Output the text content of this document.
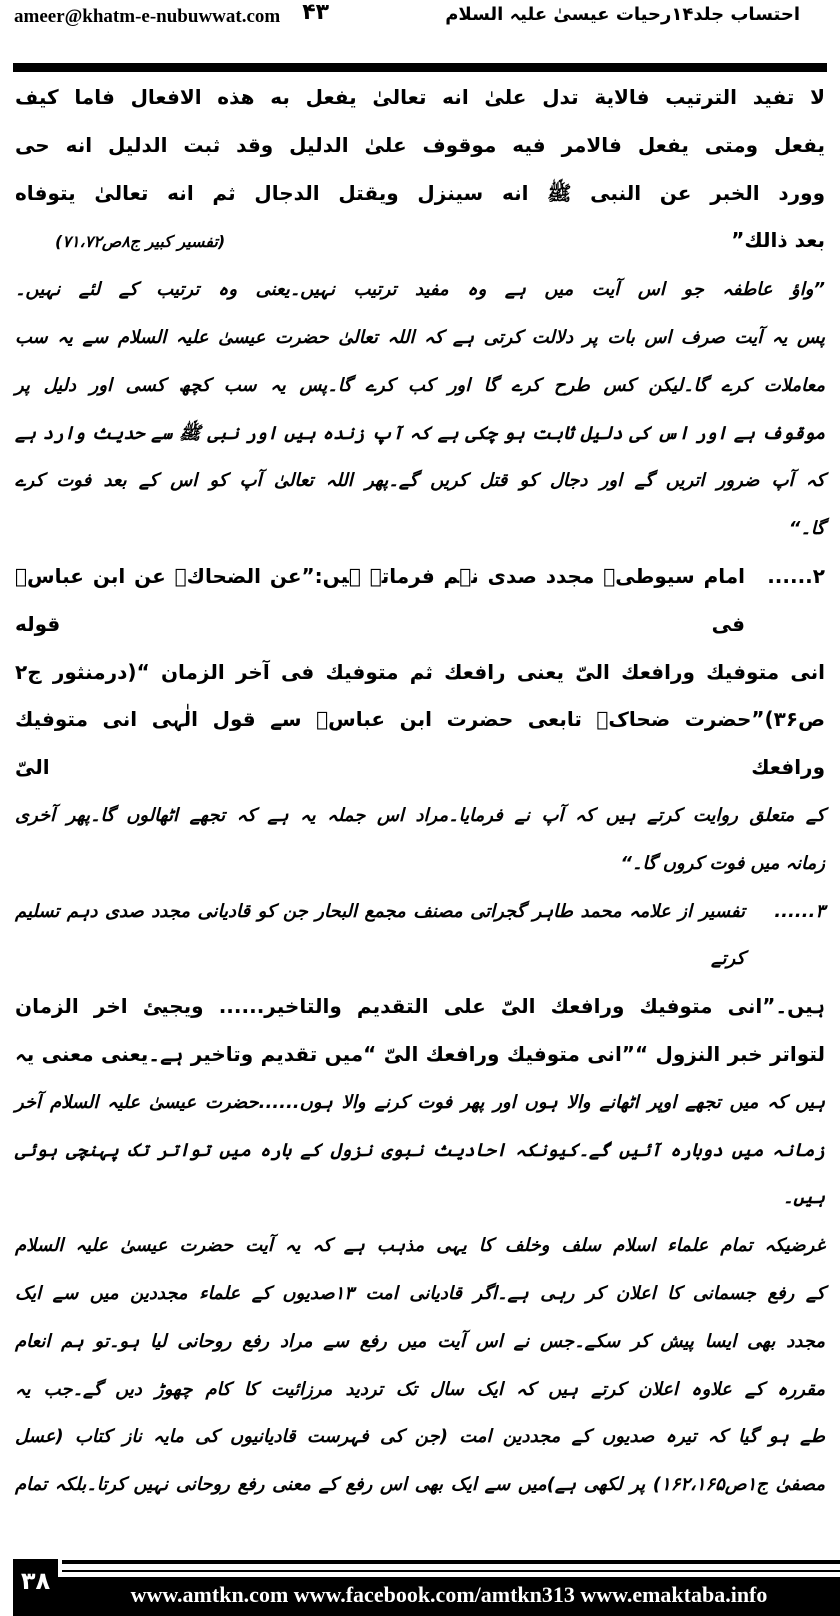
ameer@khatm-e-nubuwwat.com ۴۳	احتساب جلد۱۴رحیات عیسیٰ علیہ السلام
لا تفيد الترتيب فالاية تدل علىٰ انه تعالىٰ يفعل به هذه الافعال فاما كيف
يفعل ومتى يفعل فالامر فيه موقوف علىٰ الدليل وقد ثبت الدليل انه حى
وورد الخبر عن النبى ﷺ انه سينزل ويقتل الدجال ثم انه تعالىٰ يتوفاه
بعد ذالك”
(تفسیر کبیر ج۸ص۷۱،۷۲)
”واؤ عاطفہ جو اس آیت میں ہے وہ مفید ترتیب نہیں۔یعنی وہ ترتیب کے لئے نہیں۔
پس یہ آیت صرف اس بات پر دلالت کرتی ہے کہ اللہ تعالیٰ حضرت عیسیٰ علیہ السلام سے یہ سب
معاملات کرے گا۔لیکن کس طرح کرے گا اور کب کرے گا۔پس یہ سب کچھ کسی اور دلیل پر
موقوف ہے اور اس کی دلیل ثابت ہو چکی ہے کہ آپ زندہ ہیں اور نبی ﷺ سے حدیث وارد ہے
کہ آپ ضرور اتریں گے اور دجال کو قتل کریں گے۔پھر اللہ تعالیٰ آپ کو اس کے بعد فوت کرے
گا۔“
۲......
امام سیوطیؒ مجدد صدی نہم فرماتے ہیں:”عن الضحاكؒ عن ابن عباسؓ فى قوله
انى متوفيك ورافعك الىّ يعنى رافعك ثم متوفيك فى آخر الزمان “(درمنثور ج۲
ص۳۶)”حضرت ضحاکؒ تابعی حضرت ابن عباسؓ سے قول الٰہی انى متوفيك ورافعك الىّ
کے متعلق روایت کرتے ہیں کہ آپ نے فرمایا۔مراد اس جملہ یہ ہے کہ تجھے اٹھالوں گا۔پھر آخری
زمانہ میں فوت کروں گا۔“
۳......
تفسیر از علامہ محمد طاہر گجراتی مصنف مجمع البحار جن کو قادیانی مجدد صدی دہم تسلیم کرتے
ہیں۔”انى متوفيك ورافعك الىّ على التقديم والتاخير...... ويجيئ اخر الزمان
لتواتر خبر النزول “”انى متوفيك ورافعك الىّ “میں تقدیم وتاخیر ہے۔یعنی معنی یہ
ہیں کہ میں تجھے اوپر اٹھانے والا ہوں اور پھر فوت کرنے والا ہوں......حضرت عیسیٰ علیہ السلام آخر
زمانہ میں دوبارہ آئیں گے۔کیونکہ احادیث نبوی نزول کے بارہ میں تواتر تک پہنچی ہوئی ہیں۔
غرضیکہ تمام علماء اسلام سلف وخلف کا یہی مذہب ہے کہ یہ آیت حضرت عیسیٰ علیہ السلام
کے رفع جسمانی کا اعلان کر رہی ہے۔اگر قادیانی امت ۱۳صدیوں کے علماء مجددین میں سے ایک
مجدد بھی ایسا پیش کر سکے۔جس نے اس آیت میں رفع سے مراد رفع روحانی لیا ہو۔تو ہم انعام
مقررہ کے علاوہ اعلان کرتے ہیں کہ ایک سال تک تردید مرزائیت کا کام چھوڑ دیں گے۔جب یہ
طے ہو گیا کہ تیرہ صدیوں کے مجددین امت (جن کی فہرست قادیانیوں کی مایہ ناز کتاب (عسل
مصفیٰ ج۱ص۱۶۲،۱۶۵) پر لکھی ہے)میں سے ایک بھی اس رفع کے معنی رفع روحانی نہیں کرتا۔بلکہ تمام
۳۸	www.amtkn.com www.facebook.com/amtkn313 www.emaktaba.info
